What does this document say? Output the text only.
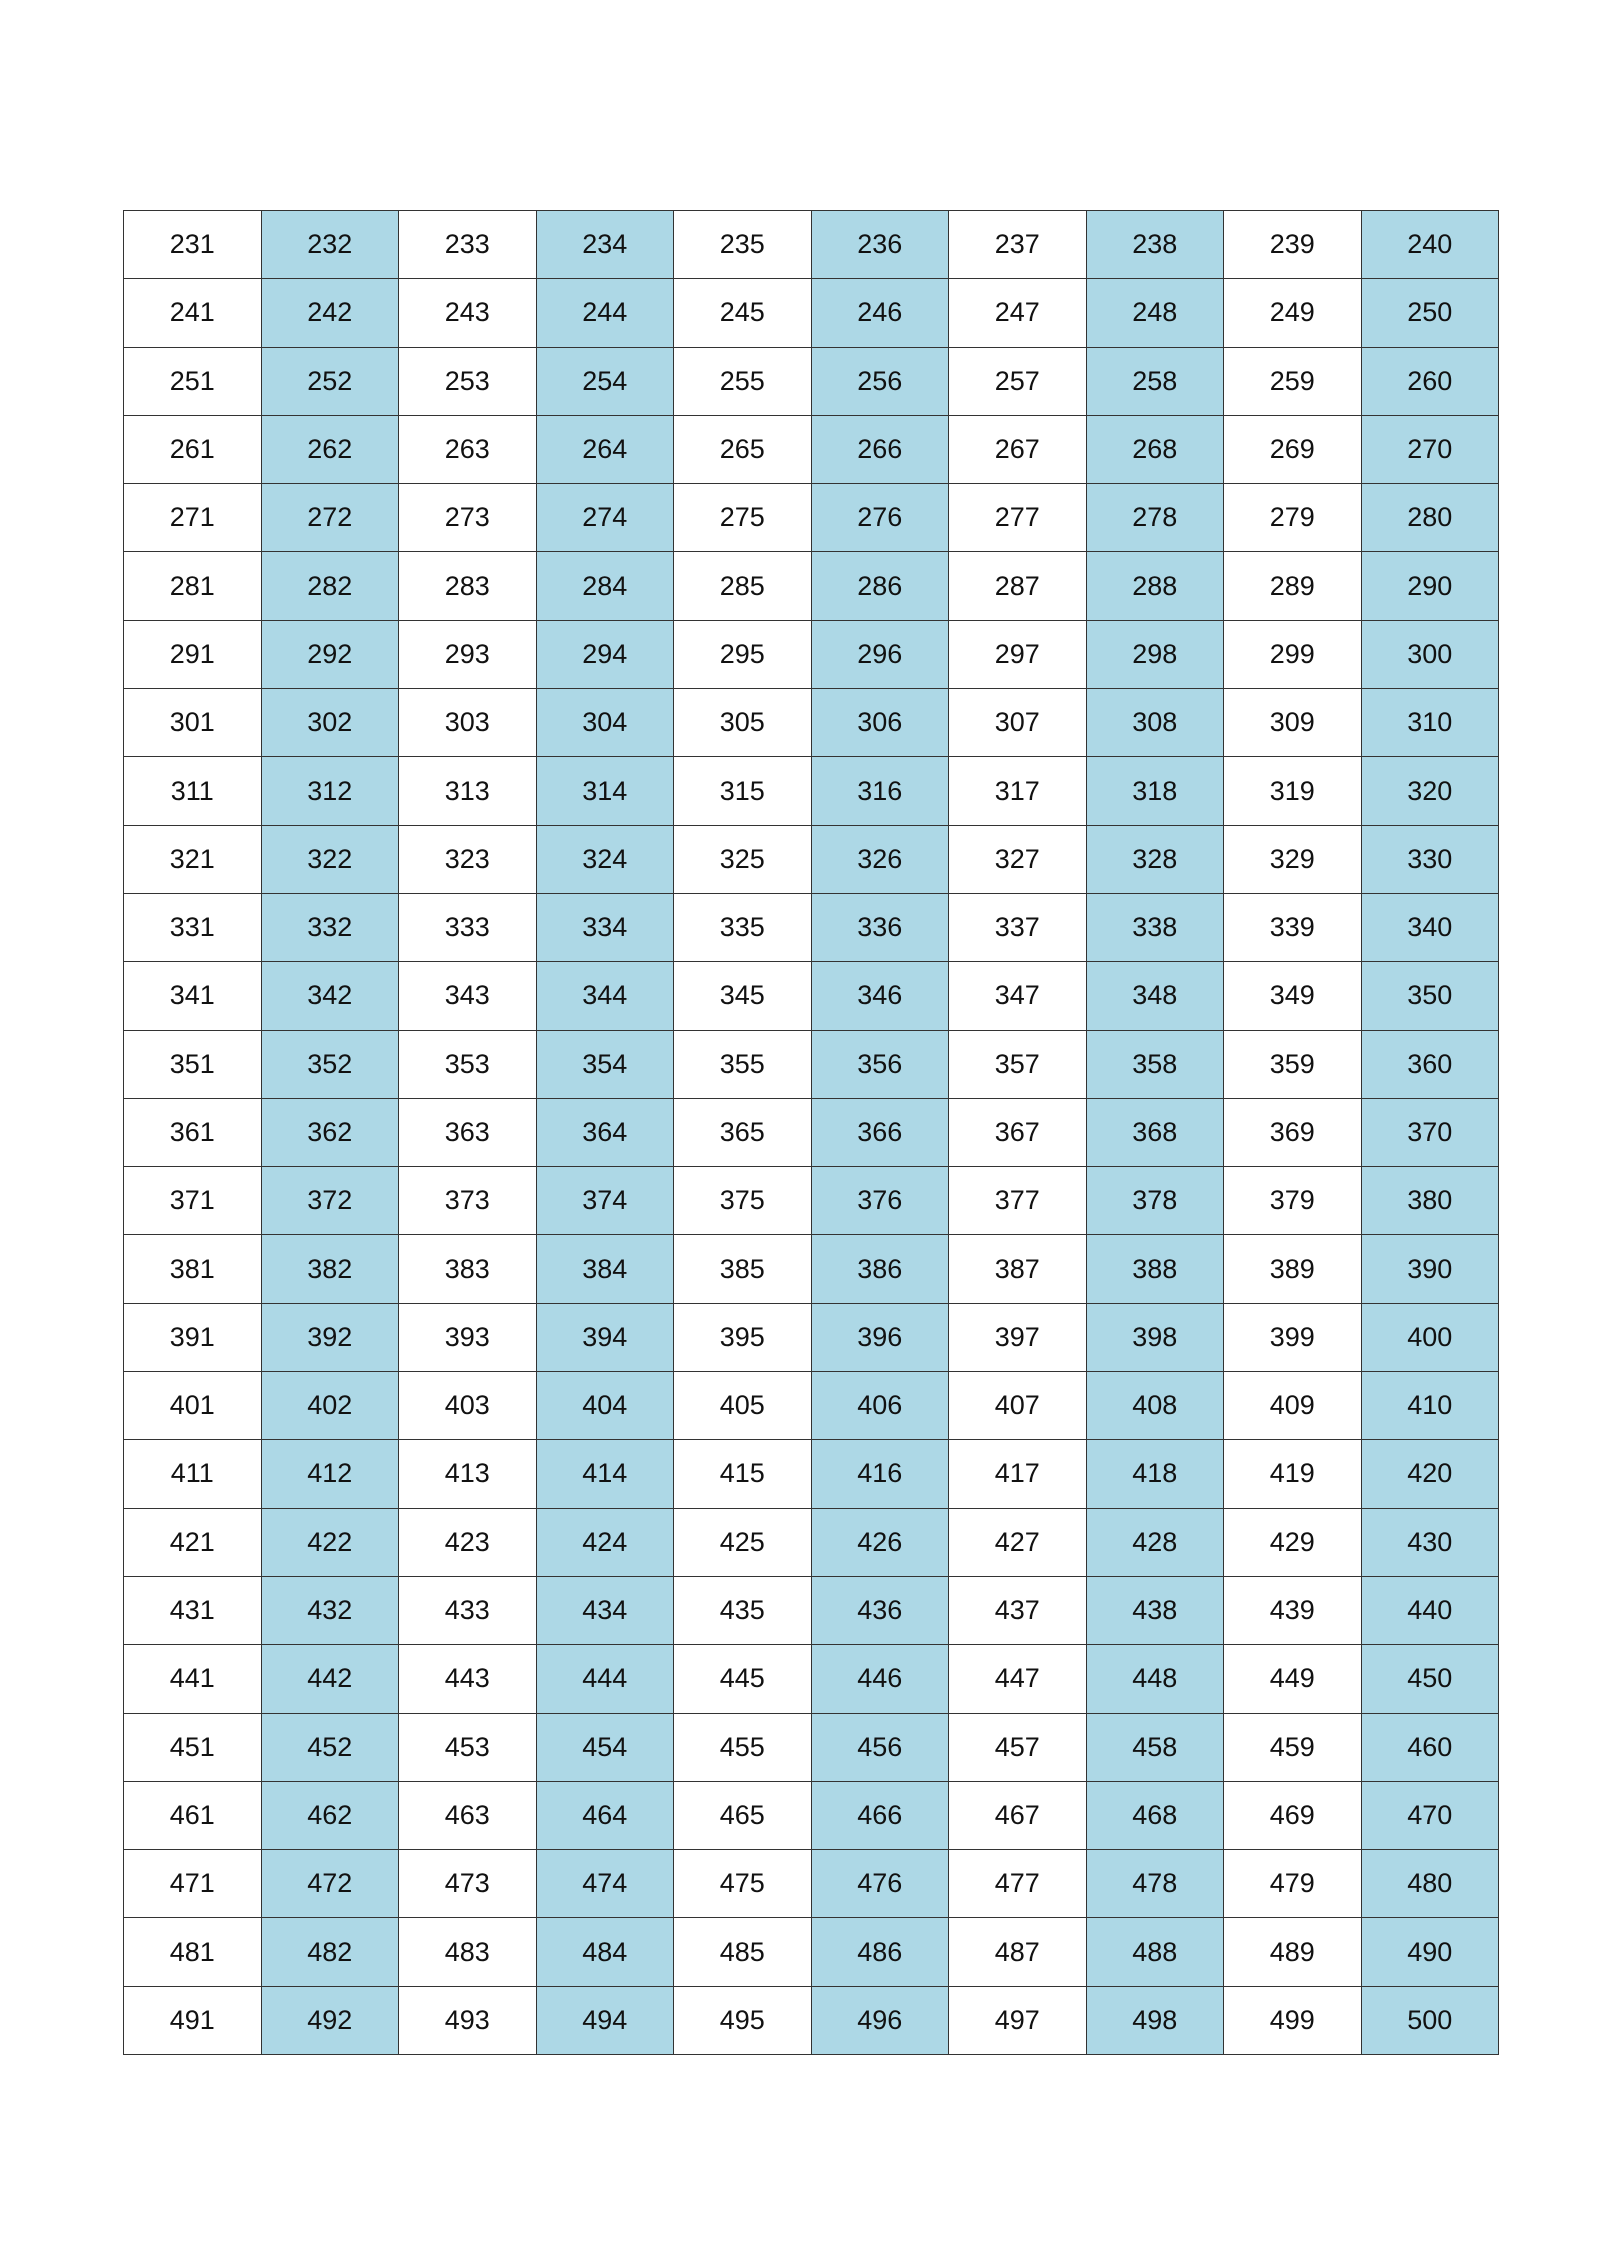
231	232	233	234	235	236	237	238	239	240
241	242	243	244	245	246	247	248	249	250
251	252	253	254	255	256	257	258	259	260
261	262	263	264	265	266	267	268	269	270
271	272	273	274	275	276	277	278	279	280
281	282	283	284	285	286	287	288	289	290
291	292	293	294	295	296	297	298	299	300
301	302	303	304	305	306	307	308	309	310
311	312	313	314	315	316	317	318	319	320
321	322	323	324	325	326	327	328	329	330
331	332	333	334	335	336	337	338	339	340
341	342	343	344	345	346	347	348	349	350
351	352	353	354	355	356	357	358	359	360
361	362	363	364	365	366	367	368	369	370
371	372	373	374	375	376	377	378	379	380
381	382	383	384	385	386	387	388	389	390
391	392	393	394	395	396	397	398	399	400
401	402	403	404	405	406	407	408	409	410
411	412	413	414	415	416	417	418	419	420
421	422	423	424	425	426	427	428	429	430
431	432	433	434	435	436	437	438	439	440
441	442	443	444	445	446	447	448	449	450
451	452	453	454	455	456	457	458	459	460
461	462	463	464	465	466	467	468	469	470
471	472	473	474	475	476	477	478	479	480
481	482	483	484	485	486	487	488	489	490
491	492	493	494	495	496	497	498	499	500
